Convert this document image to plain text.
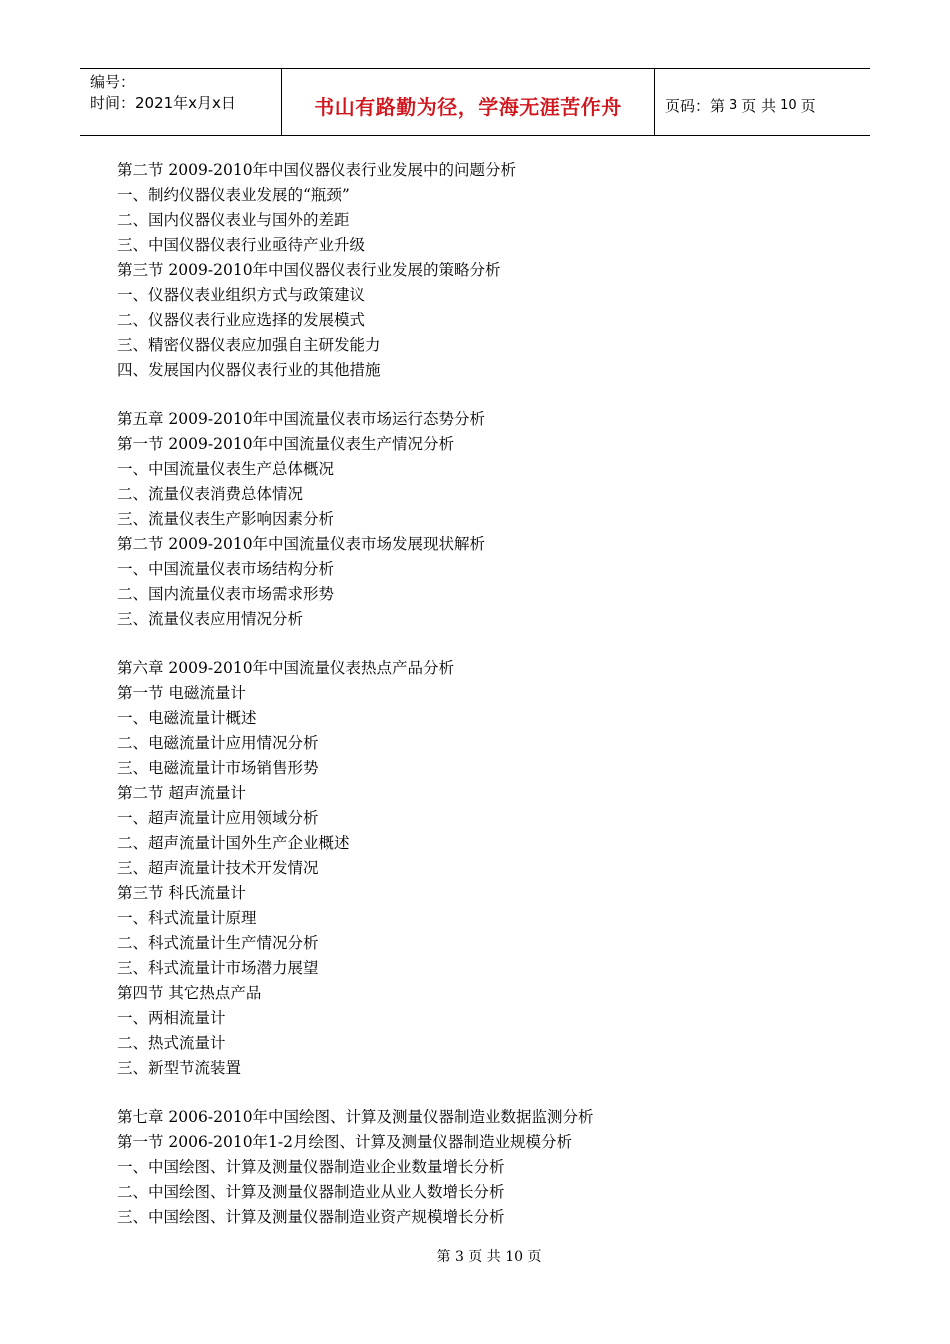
编号：
时间：2021年x月x日	书山有路勤为径，学海无涯苦作舟	页码：第 3 页 共 10 页
第二节 2009-2010年中国仪器仪表行业发展中的问题分析
一、制约仪器仪表业发展的“瓶颈”
二、国内仪器仪表业与国外的差距
三、中国仪器仪表行业亟待产业升级
第三节 2009-2010年中国仪器仪表行业发展的策略分析
一、仪器仪表业组织方式与政策建议
二、仪器仪表行业应选择的发展模式
三、精密仪器仪表应加强自主研发能力
四、发展国内仪器仪表行业的其他措施
第五章 2009-2010年中国流量仪表市场运行态势分析
第一节 2009-2010年中国流量仪表生产情况分析
一、中国流量仪表生产总体概况
二、流量仪表消费总体情况
三、流量仪表生产影响因素分析
第二节 2009-2010年中国流量仪表市场发展现状解析
一、中国流量仪表市场结构分析
二、国内流量仪表市场需求形势
三、流量仪表应用情况分析
第六章 2009-2010年中国流量仪表热点产品分析
第一节 电磁流量计
一、电磁流量计概述
二、电磁流量计应用情况分析
三、电磁流量计市场销售形势
第二节 超声流量计
一、超声流量计应用领域分析
二、超声流量计国外生产企业概述
三、超声流量计技术开发情况
第三节 科氏流量计
一、科式流量计原理
二、科式流量计生产情况分析
三、科式流量计市场潜力展望
第四节 其它热点产品
一、两相流量计
二、热式流量计
三、新型节流装置
第七章 2006-2010年中国绘图、计算及测量仪器制造业数据监测分析
第一节 2006-2010年1-2月绘图、计算及测量仪器制造业规模分析
一、中国绘图、计算及测量仪器制造业企业数量增长分析
二、中国绘图、计算及测量仪器制造业从业人数增长分析
三、中国绘图、计算及测量仪器制造业资产规模增长分析
第 3 页 共 10 页
